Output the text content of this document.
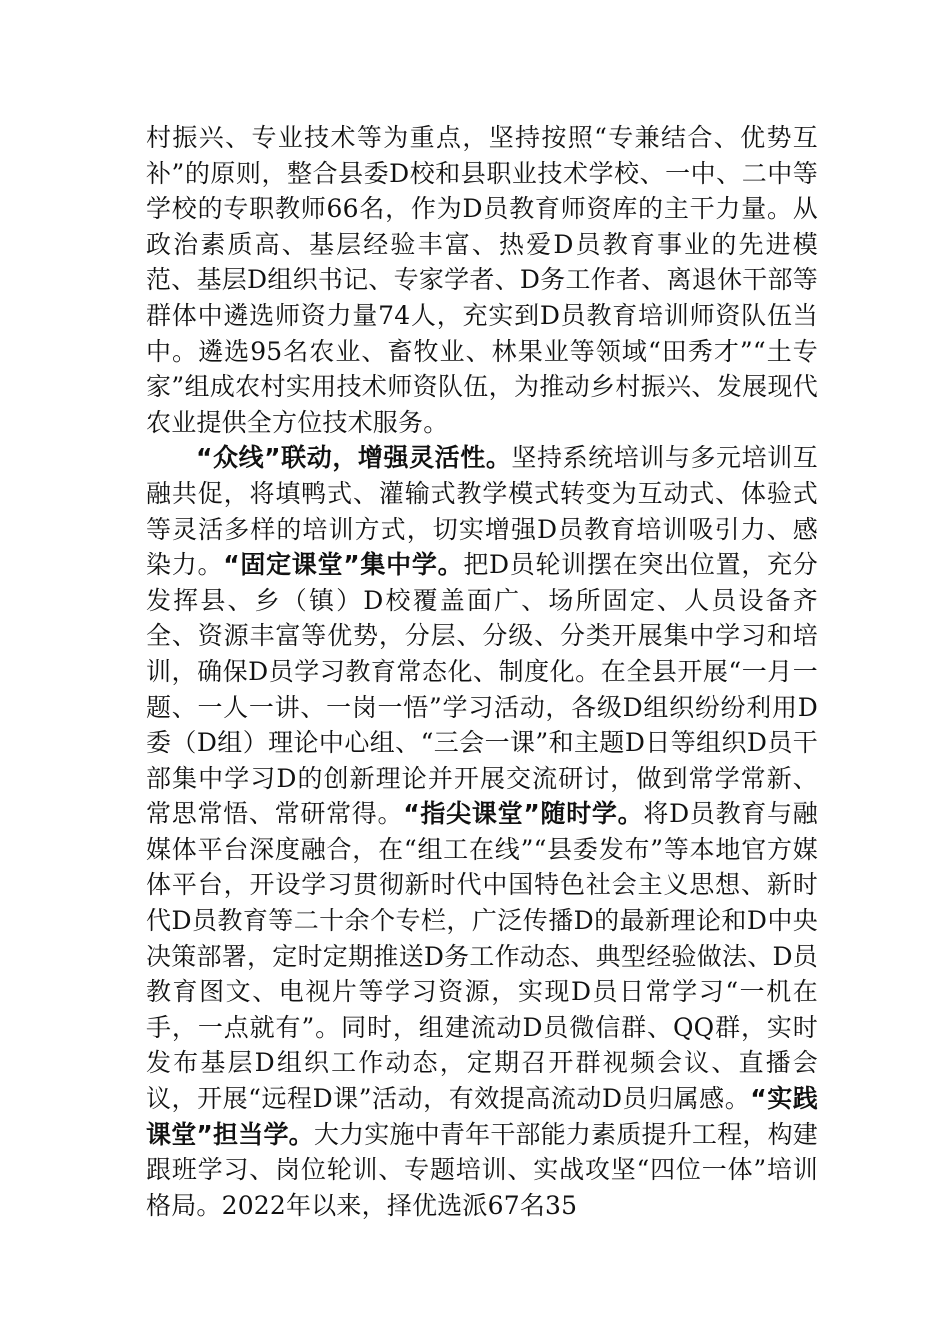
村振兴、专业技术等为重点，坚持按照“专兼结合、优势互补”的原则，整合县委D校和县职业技术学校、一中、二中等学校的专职教师66名，作为D员教育师资库的主干力量。从政治素质高、基层经验丰富、热爱D员教育事业的先进模范、基层D组织书记、专家学者、D务工作者、离退休干部等群体中遴选师资力量74人，充实到D员教育培训师资队伍当中。遴选95名农业、畜牧业、林果业等领域“田秀才”“土专家”组成农村实用技术师资队伍，为推动乡村振兴、发展现代农业提供全方位技术服务。

“众线”联动，增强灵活性。坚持系统培训与多元培训互融共促，将填鸭式、灌输式教学模式转变为互动式、体验式等灵活多样的培训方式，切实增强D员教育培训吸引力、感染力。“固定课堂”集中学。把D员轮训摆在突出位置，充分发挥县、乡（镇）D校覆盖面广、场所固定、人员设备齐全、资源丰富等优势，分层、分级、分类开展集中学习和培训，确保D员学习教育常态化、制度化。在全县开展“一月一题、一人一讲、一岗一悟”学习活动，各级D组织纷纷利用D委（D组）理论中心组、“三会一课”和主题D日等组织D员干部集中学习D的创新理论并开展交流研讨，做到常学常新、常思常悟、常研常得。“指尖课堂”随时学。将D员教育与融媒体平台深度融合，在“组工在线”“县委发布”等本地官方媒体平台，开设学习贯彻新时代中国特色社会主义思想、新时代D员教育等二十余个专栏，广泛传播D的最新理论和D中央决策部署，定时定期推送D务工作动态、典型经验做法、D员教育图文、电视片等学习资源，实现D员日常学习“一机在手，一点就有”。同时，组建流动D员微信群、QQ群，实时发布基层D组织工作动态，定期召开群视频会议、直播会议，开展“远程D课”活动，有效提高流动D员归属感。“实践课堂”担当学。大力实施中青年干部能力素质提升工程，构建跟班学习、岗位轮训、专题培训、实战攻坚“四位一体”培训格局。2022年以来，择优选派67名35
